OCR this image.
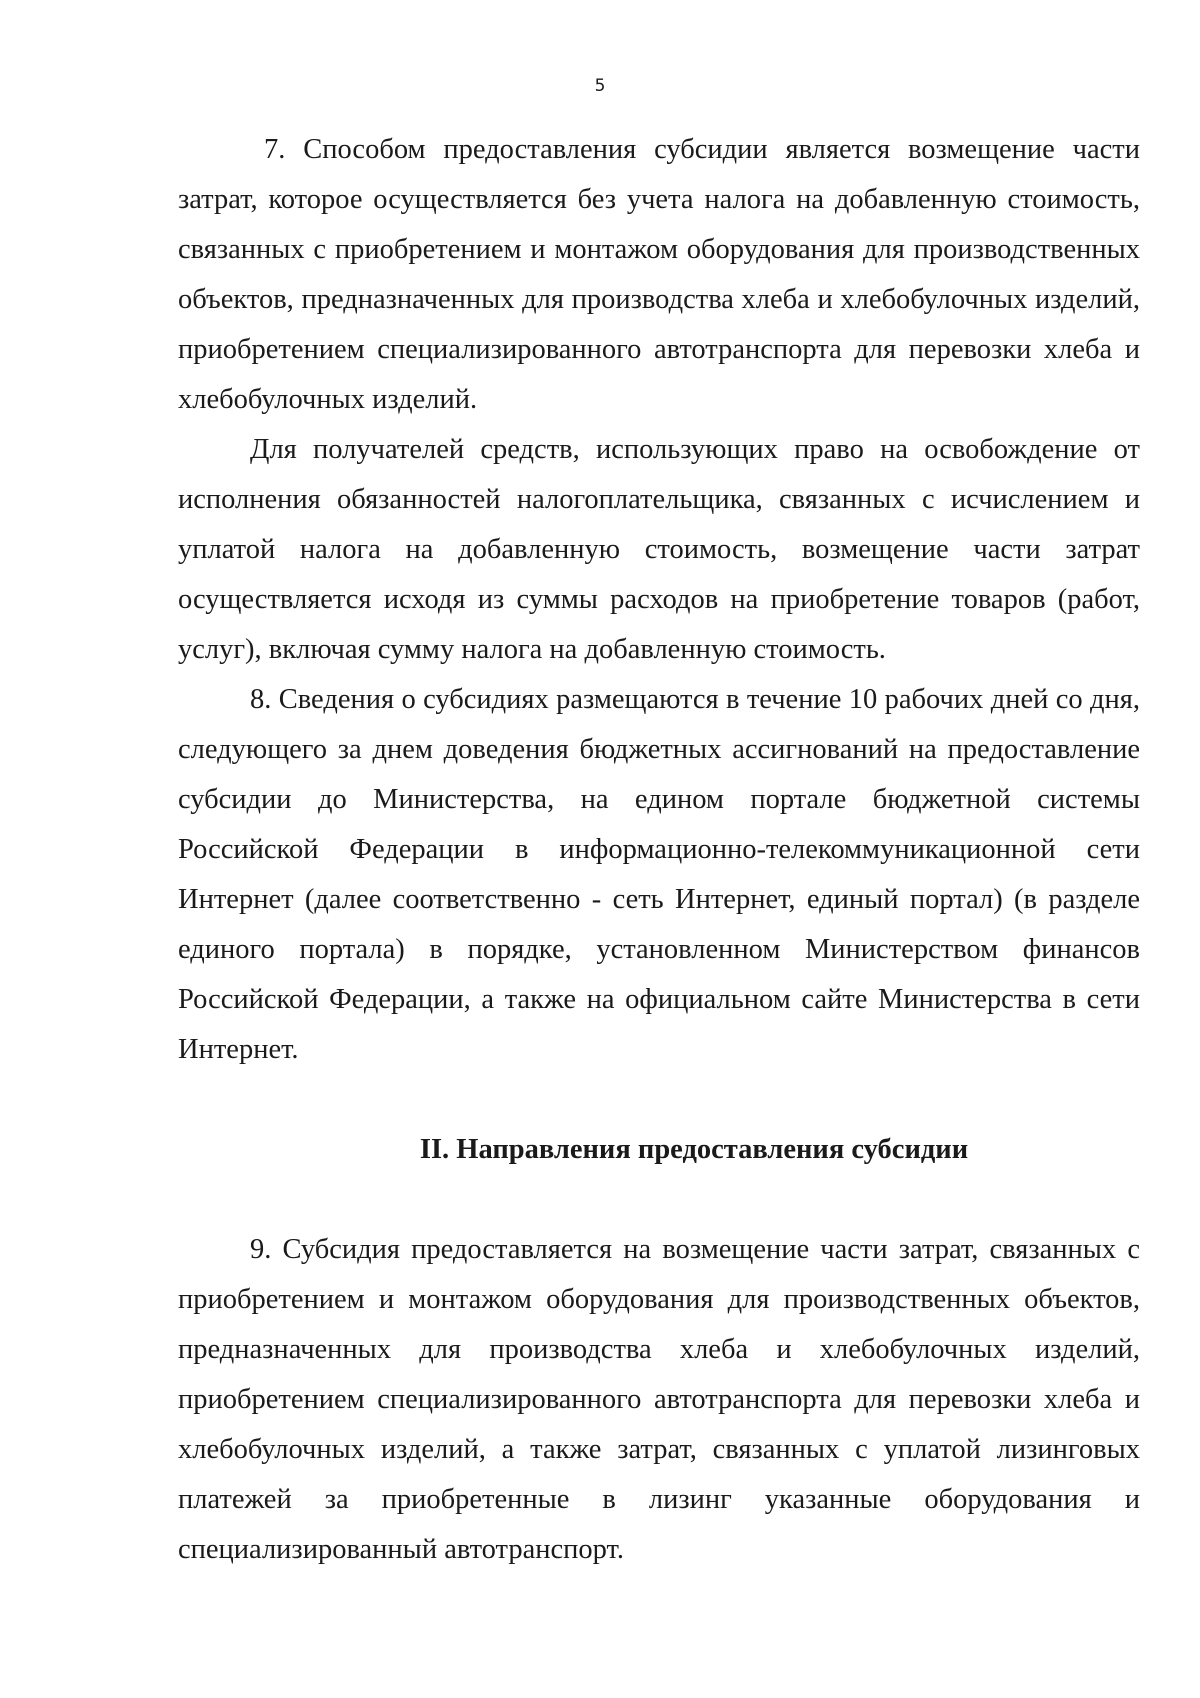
5

7. Способом предоставления субсидии является возмещение части затрат, которое осуществляется без учета налога на добавленную стоимость, связанных с приобретением и монтажом оборудования для производственных объектов, предназначенных для производства хлеба и хлебобулочных изделий, приобретением специализированного автотранспорта для перевозки хлеба и хлебобулочных изделий.

Для получателей средств, использующих право на освобождение от исполнения обязанностей налогоплательщика, связанных с исчислением и уплатой налога на добавленную стоимость, возмещение части затрат осуществляется исходя из суммы расходов на приобретение товаров (работ, услуг), включая сумму налога на добавленную стоимость.

8. Сведения о субсидиях размещаются в течение 10 рабочих дней со дня, следующего за днем доведения бюджетных ассигнований на предоставление субсидии до Министерства, на едином портале бюджетной системы Российской Федерации в информационно-телекоммуникационной сети Интернет (далее соответственно - сеть Интернет, единый портал) (в разделе единого портала) в порядке, установленном Министерством финансов Российской Федерации, а также на официальном сайте Министерства в сети Интернет.

II. Направления предоставления субсидии

9. Субсидия предоставляется на возмещение части затрат, связанных с приобретением и монтажом оборудования для производственных объектов, предназначенных для производства хлеба и хлебобулочных изделий, приобретением специализированного автотранспорта для перевозки хлеба и хлебобулочных изделий, а также затрат, связанных с уплатой лизинговых платежей за приобретенные в лизинг указанные оборудования и специализированный автотранспорт.
